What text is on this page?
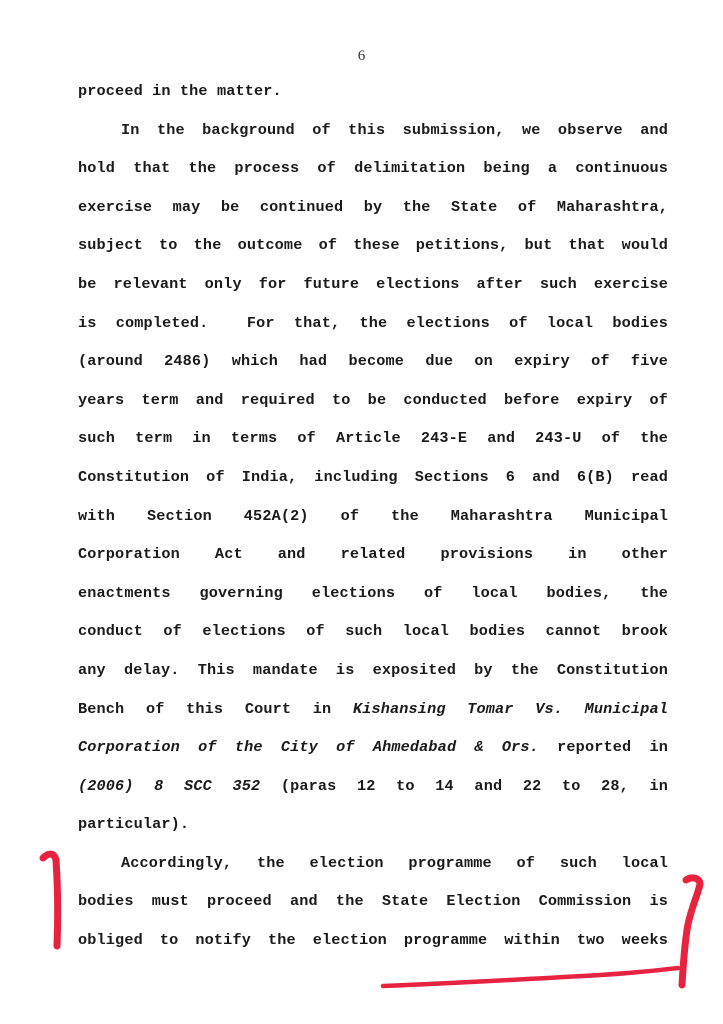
6
proceed in the matter.
In the background of this submission, we observe and
hold that the process of delimitation being a continuous
exercise may be continued by the State of Maharashtra,
subject to the outcome of these petitions, but that would
be relevant only for future elections after such exercise
is completed.  For that, the elections of local bodies
(around 2486) which had become due on expiry of five
years term and required to be conducted before expiry of
such term in terms of Article 243-E and 243-U of the
Constitution of India, including Sections 6 and 6(B) read
with Section 452A(2) of the Maharashtra Municipal
Corporation Act and related provisions in other
enactments governing elections of local bodies, the
conduct of elections of such local bodies cannot brook
any delay. This mandate is exposited by the Constitution
Bench of this Court in Kishansing Tomar Vs. Municipal
Corporation of the City of Ahmedabad & Ors. reported in
(2006) 8 SCC 352 (paras 12 to 14 and 22 to 28, in
particular).
Accordingly, the election programme of such local
bodies must proceed and the State Election Commission is
obliged to notify the election programme within two weeks
